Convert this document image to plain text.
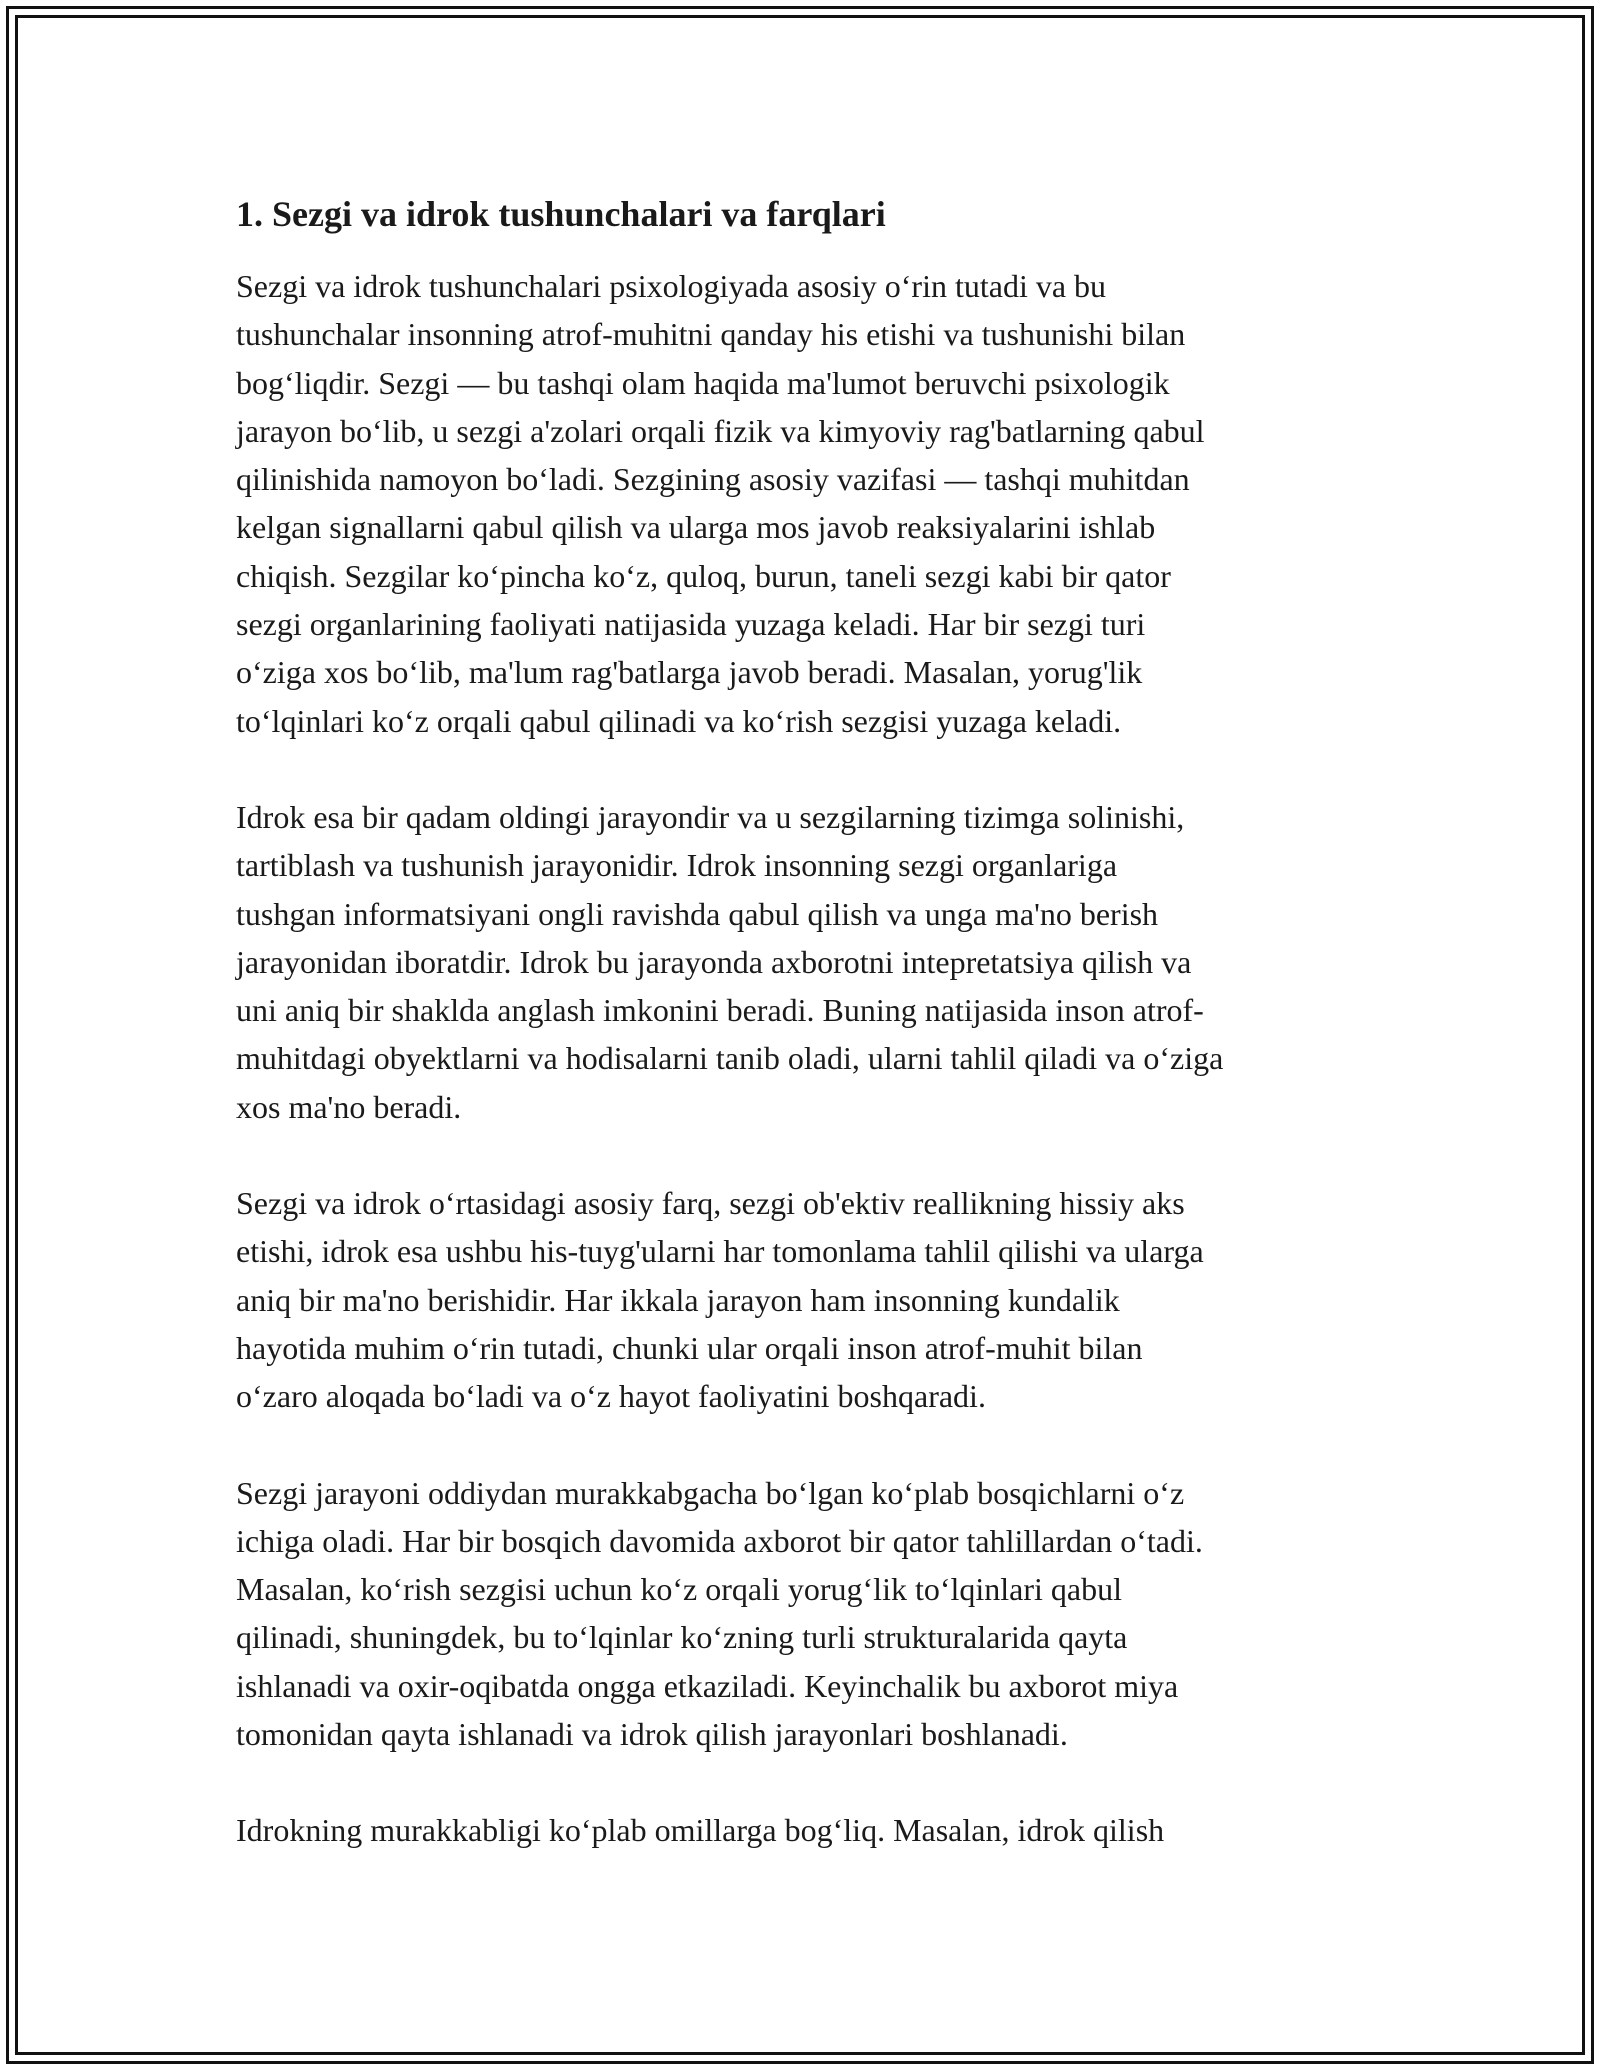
1. Sezgi va idrok tushunchalari va farqlari
Sezgi va idrok tushunchalari psixologiyada asosiy oʻrin tutadi va bu
tushunchalar insonning atrof-muhitni qanday his etishi va tushunishi bilan
bogʻliqdir. Sezgi — bu tashqi olam haqida ma'lumot beruvchi psixologik
jarayon boʻlib, u sezgi a'zolari orqali fizik va kimyoviy rag'batlarning qabul
qilinishida namoyon boʻladi. Sezgining asosiy vazifasi — tashqi muhitdan
kelgan signallarni qabul qilish va ularga mos javob reaksiyalarini ishlab
chiqish. Sezgilar koʻpincha koʻz, quloq, burun, taneli sezgi kabi bir qator
sezgi organlarining faoliyati natijasida yuzaga keladi. Har bir sezgi turi
oʻziga xos boʻlib, ma'lum rag'batlarga javob beradi. Masalan, yorug'lik
toʻlqinlari koʻz orqali qabul qilinadi va koʻrish sezgisi yuzaga keladi.
Idrok esa bir qadam oldingi jarayondir va u sezgilarning tizimga solinishi,
tartiblash va tushunish jarayonidir. Idrok insonning sezgi organlariga
tushgan informatsiyani ongli ravishda qabul qilish va unga ma'no berish
jarayonidan iboratdir. Idrok bu jarayonda axborotni intepretatsiya qilish va
uni aniq bir shaklda anglash imkonini beradi. Buning natijasida inson atrof-
muhitdagi obyektlarni va hodisalarni tanib oladi, ularni tahlil qiladi va oʻziga
xos ma'no beradi.
Sezgi va idrok oʻrtasidagi asosiy farq, sezgi ob'ektiv reallikning hissiy aks
etishi, idrok esa ushbu his-tuyg'ularni har tomonlama tahlil qilishi va ularga
aniq bir ma'no berishidir. Har ikkala jarayon ham insonning kundalik
hayotida muhim oʻrin tutadi, chunki ular orqali inson atrof-muhit bilan
oʻzaro aloqada boʻladi va oʻz hayot faoliyatini boshqaradi.
Sezgi jarayoni oddiydan murakkabgacha boʻlgan koʻplab bosqichlarni oʻz
ichiga oladi. Har bir bosqich davomida axborot bir qator tahlillardan oʻtadi.
Masalan, koʻrish sezgisi uchun koʻz orqali yorugʻlik toʻlqinlari qabul
qilinadi, shuningdek, bu toʻlqinlar koʻzning turli strukturalarida qayta
ishlanadi va oxir-oqibatda ongga etkaziladi. Keyinchalik bu axborot miya
tomonidan qayta ishlanadi va idrok qilish jarayonlari boshlanadi.
Idrokning murakkabligi koʻplab omillarga bogʻliq. Masalan, idrok qilish
